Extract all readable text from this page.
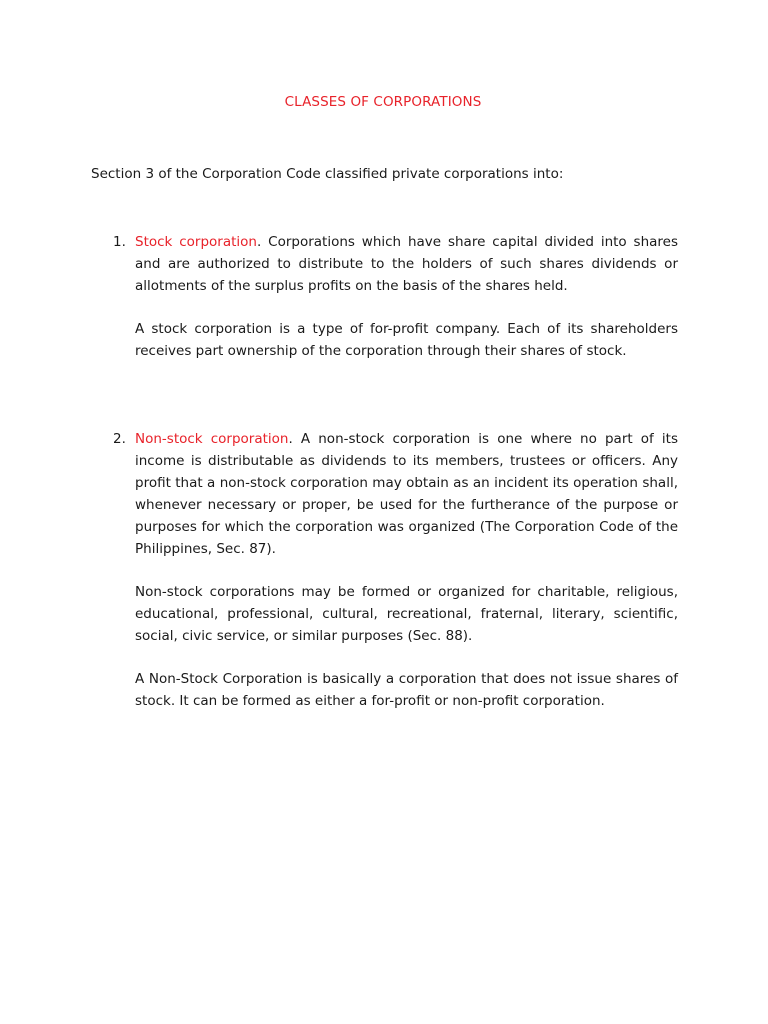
CLASSES OF CORPORATIONS
Section 3 of the Corporation Code classified private corporations into:
1. Stock corporation. Corporations which have share capital divided into shares and are authorized to distribute to the holders of such shares dividends or allotments of the surplus profits on the basis of the shares held.

A stock corporation is a type of for-profit company. Each of its shareholders receives part ownership of the corporation through their shares of stock.

2. Non-stock corporation. A non-stock corporation is one where no part of its income is distributable as dividends to its members, trustees or officers. Any profit that a non-stock corporation may obtain as an incident its operation shall, whenever necessary or proper, be used for the furtherance of the purpose or purposes for which the corporation was organized (The Corporation Code of the Philippines, Sec. 87).

Non-stock corporations may be formed or organized for charitable, religious, educational, professional, cultural, recreational, fraternal, literary, scientific, social, civic service, or similar purposes (Sec. 88).

A Non-Stock Corporation is basically a corporation that does not issue shares of stock. It can be formed as either a for-profit or non-profit corporation.
